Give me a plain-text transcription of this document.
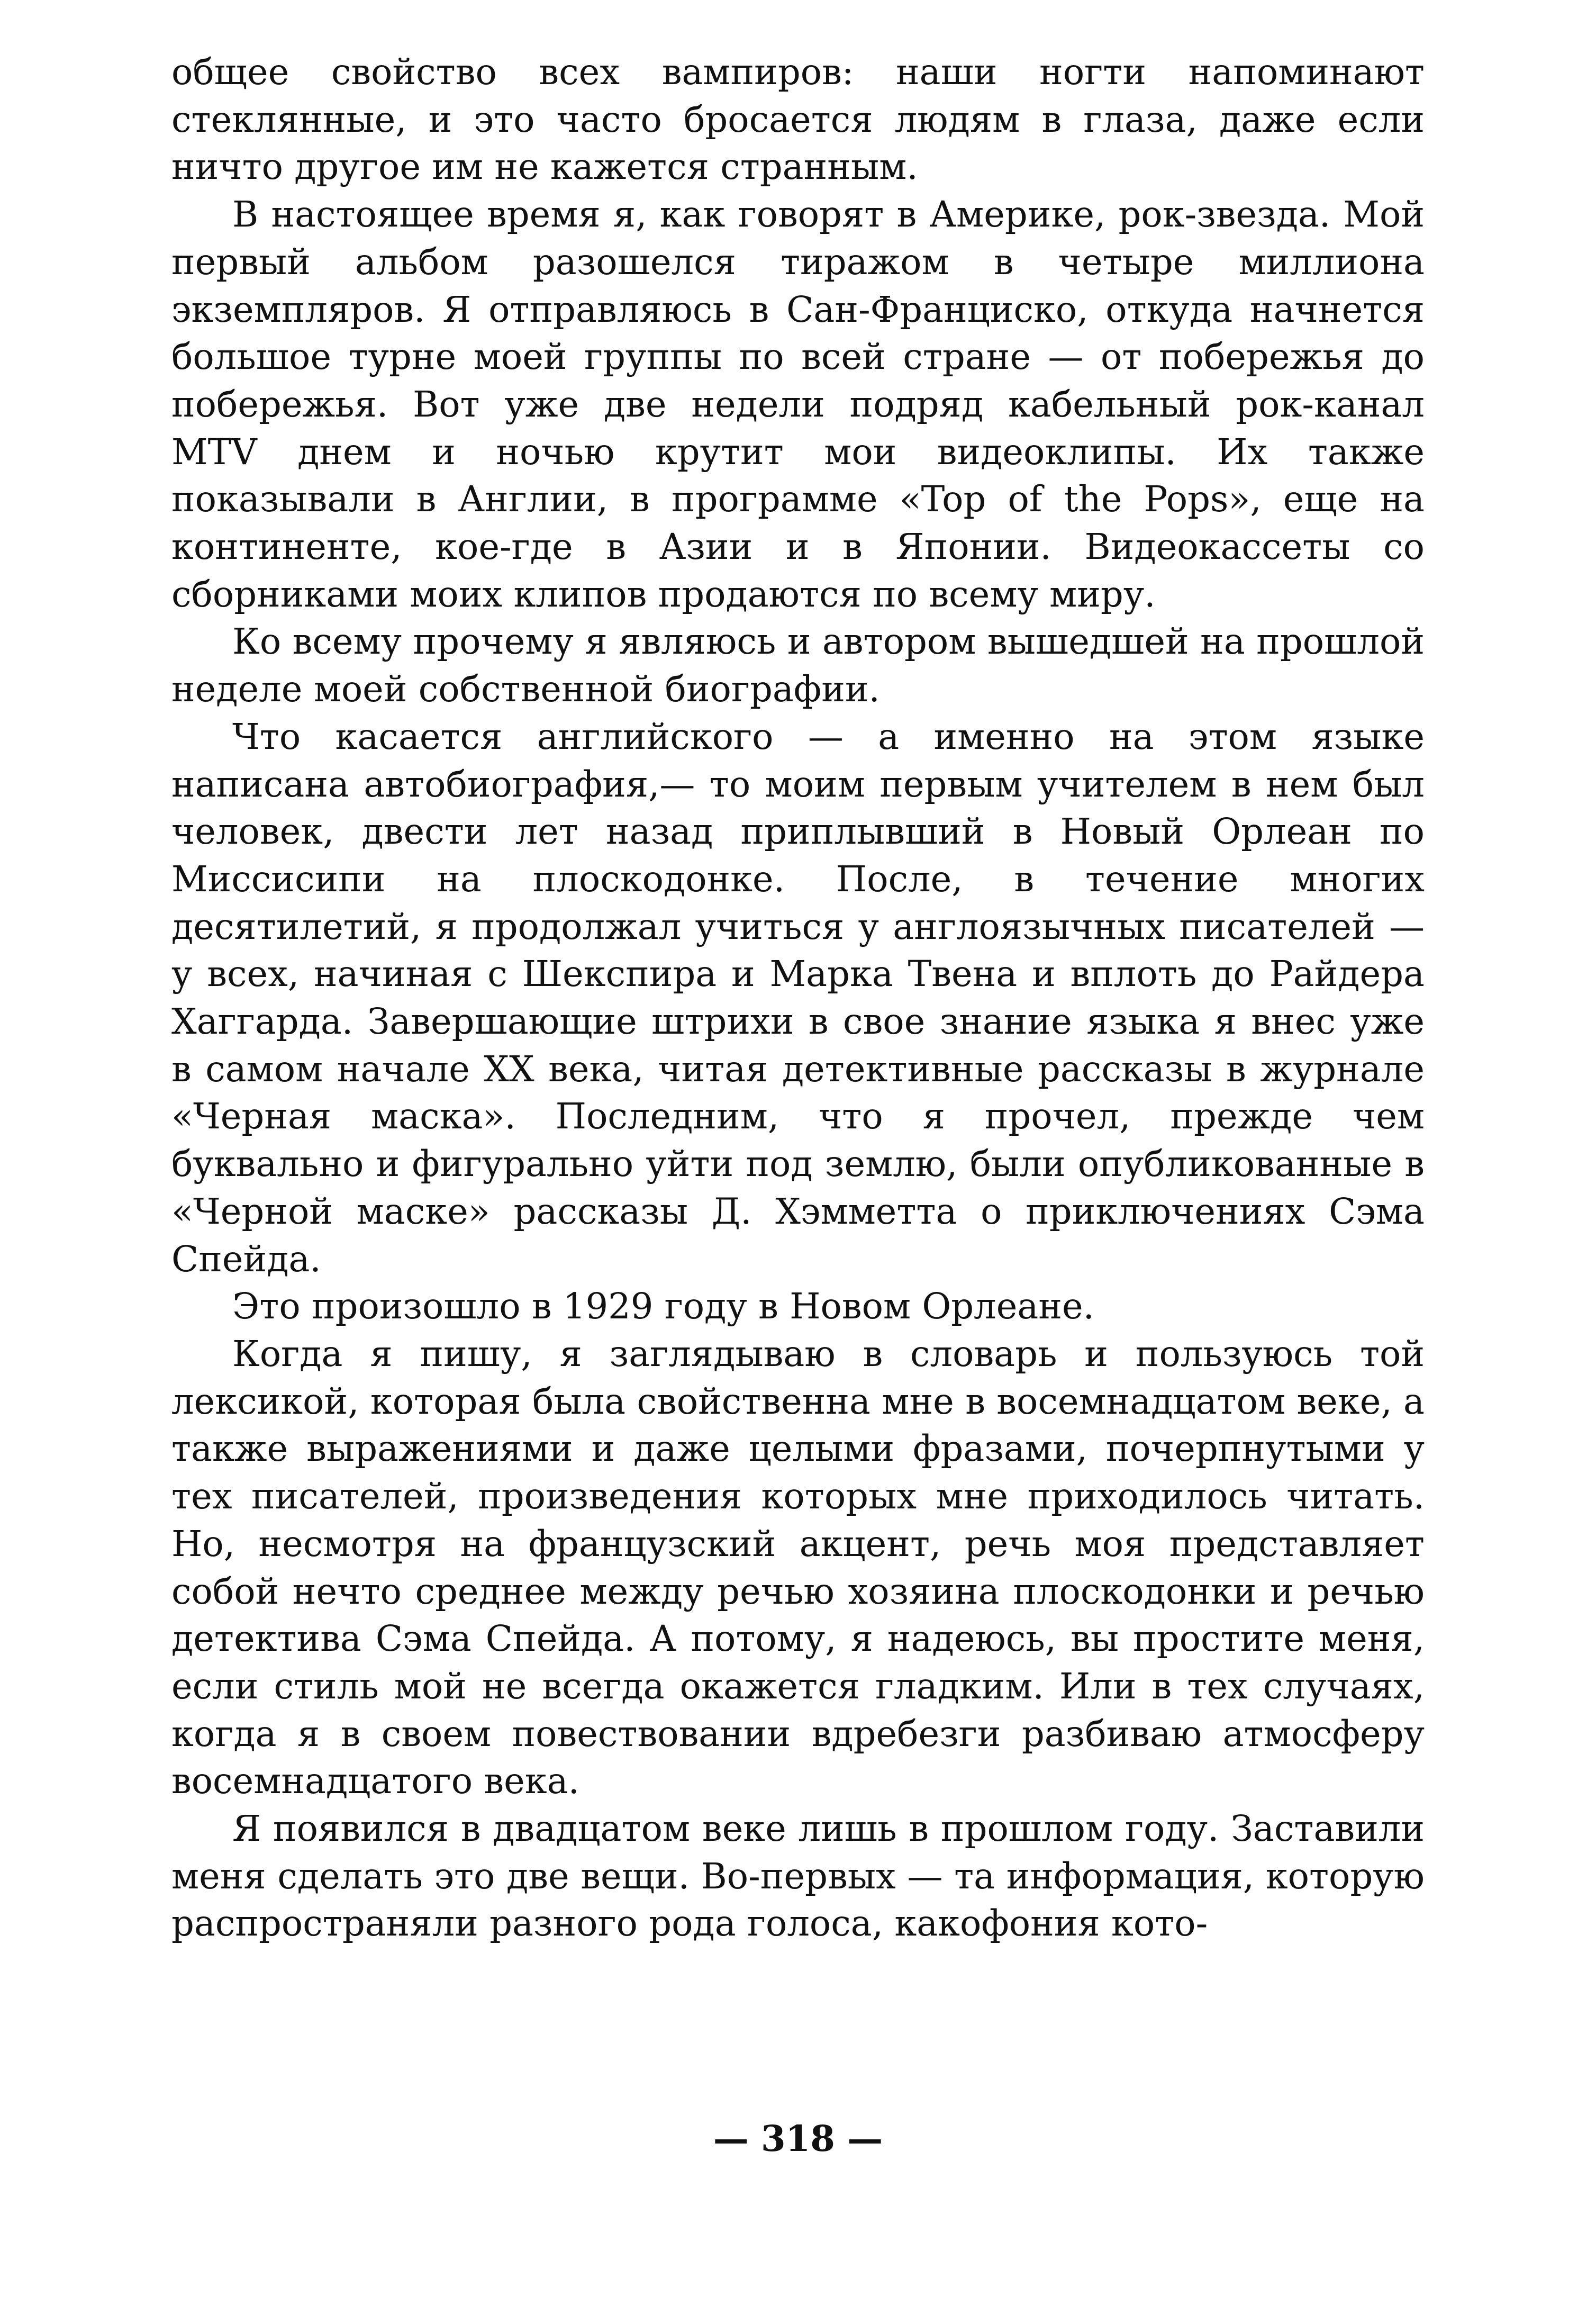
общее свойство всех вампиров: наши ногти напоминают стеклянные, и это часто бросается людям в глаза, даже если ничто другое им не кажется странным.

В настоящее время я, как говорят в Америке, рок-звезда. Мой первый альбом разошелся тиражом в четыре миллиона экземпляров. Я отправляюсь в Сан-Франциско, откуда начнется большое турне моей группы по всей стране — от побережья до побережья. Вот уже две недели подряд кабельный рок-канал MTV днем и ночью крутит мои видеоклипы. Их также показывали в Англии, в программе «Top of the Pops», еще на континенте, кое-где в Азии и в Японии. Видеокассеты со сборниками моих клипов продаются по всему миру.

Ко всему прочему я являюсь и автором вышедшей на прошлой неделе моей собственной биографии.

Что касается английского — а именно на этом языке написана автобиография,— то моим первым учителем в нем был человек, двести лет назад приплывший в Новый Орлеан по Миссисипи на плоскодонке. После, в течение многих десятилетий, я продолжал учиться у англоязычных писателей — у всех, начиная с Шекспира и Марка Твена и вплоть до Райдера Хаггарда. Завершающие штрихи в свое знание языка я внес уже в самом начале XX века, читая детективные рассказы в журнале «Черная маска». Последним, что я прочел, прежде чем буквально и фигурально уйти под землю, были опубликованные в «Черной маске» рассказы Д. Хэмметта о приключениях Сэма Спейда.

Это произошло в 1929 году в Новом Орлеане.

Когда я пишу, я заглядываю в словарь и пользуюсь той лексикой, которая была свойственна мне в восемнадцатом веке, а также выражениями и даже целыми фразами, почерпнутыми у тех писателей, произведения которых мне приходилось читать. Но, несмотря на французский акцент, речь моя представляет собой нечто среднее между речью хозяина плоскодонки и речью детектива Сэма Спейда. А потому, я надеюсь, вы простите меня, если стиль мой не всегда окажется гладким. Или в тех случаях, когда я в своем повествовании вдребезги разбиваю атмосферу восемнадцатого века.

Я появился в двадцатом веке лишь в прошлом году. Заставили меня сделать это две вещи. Во-первых — та информация, которую распространяли разного рода голоса, какофония кото-

— 318 —
